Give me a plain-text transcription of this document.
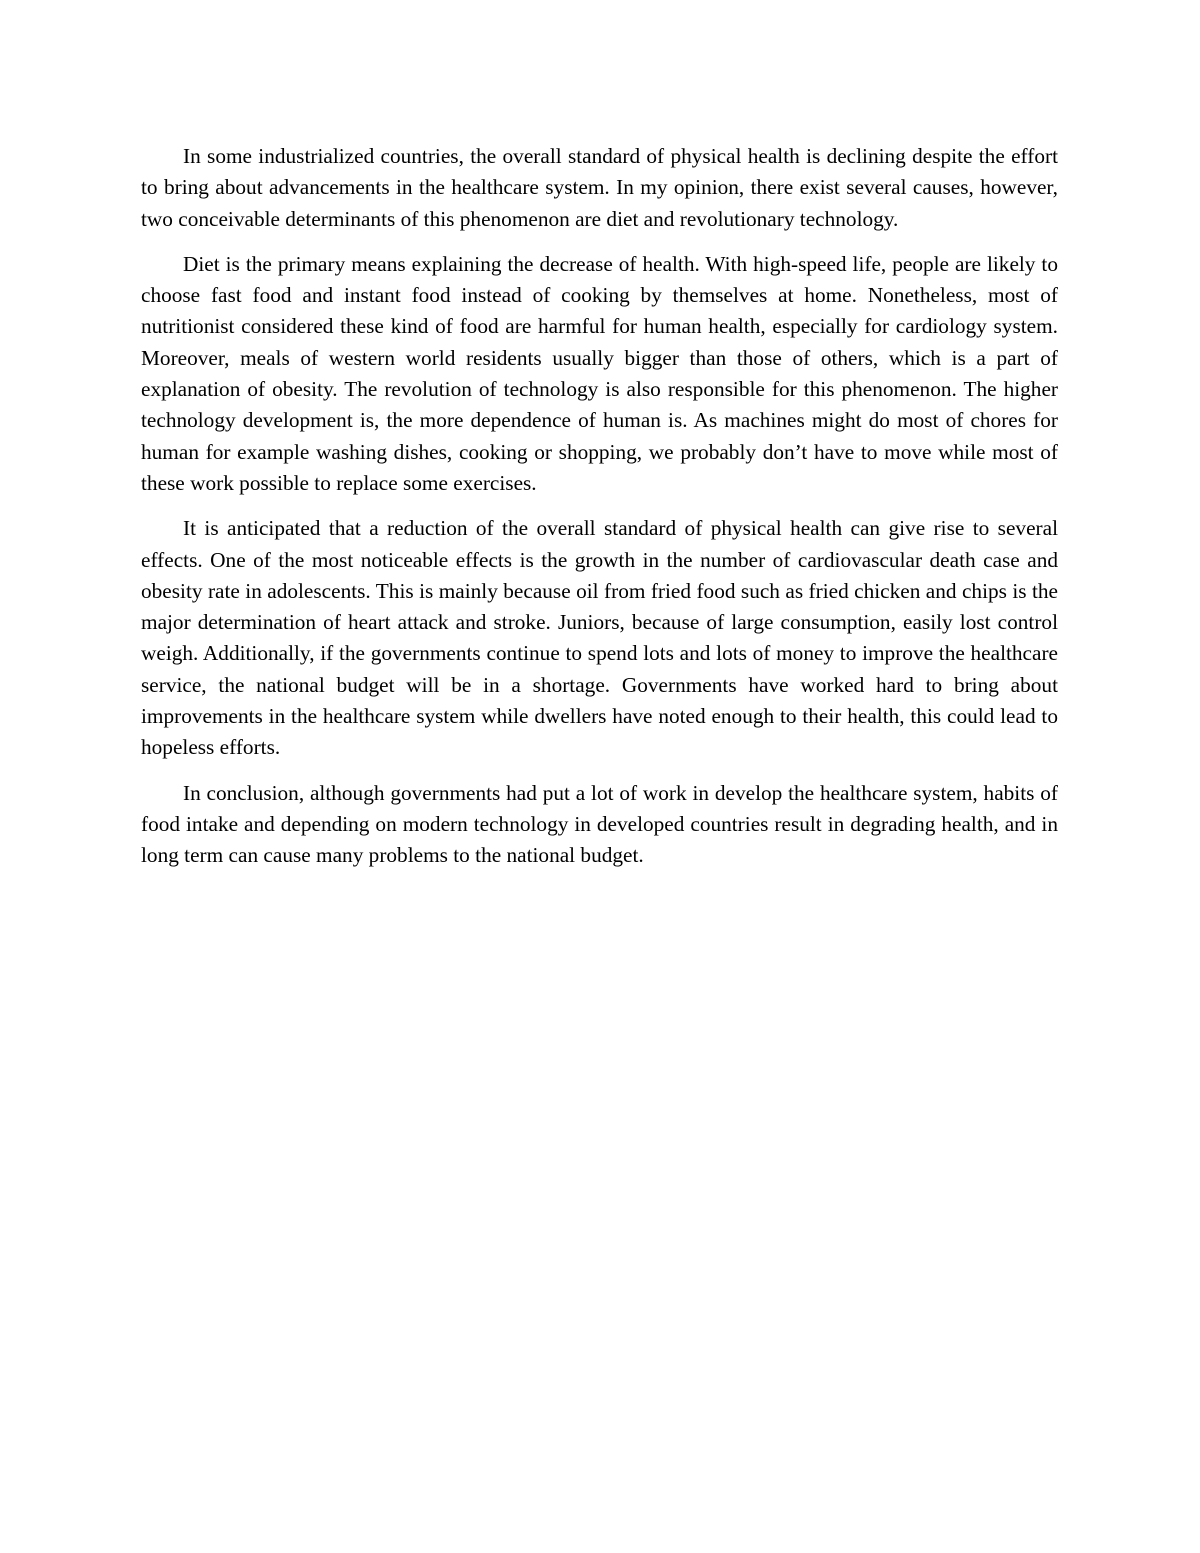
In some industrialized countries, the overall standard of physical health is declining despite the effort to bring about advancements in the healthcare system. In my opinion, there exist several causes, however, two conceivable determinants of this phenomenon are diet and revolutionary technology.

Diet is the primary means explaining the decrease of health. With high-speed life, people are likely to choose fast food and instant food instead of cooking by themselves at home. Nonetheless, most of nutritionist considered these kind of food are harmful for human health, especially for cardiology system. Moreover, meals of western world residents usually bigger than those of others, which is a part of explanation of obesity. The revolution of technology is also responsible for this phenomenon. The higher technology development is, the more dependence of human is. As machines might do most of chores for human for example washing dishes, cooking or shopping, we probably don’t have to move while most of these work possible to replace some exercises.

It is anticipated that a reduction of the overall standard of physical health can give rise to several effects. One of the most noticeable effects is the growth in the number of cardiovascular death case and obesity rate in adolescents. This is mainly because oil from fried food such as fried chicken and chips is the major determination of heart attack and stroke. Juniors, because of large consumption, easily lost control weigh. Additionally, if the governments continue to spend lots and lots of money to improve the healthcare service, the national budget will be in a shortage. Governments have worked hard to bring about improvements in the healthcare system while dwellers have noted enough to their health, this could lead to hopeless efforts.

In conclusion, although governments had put a lot of work in develop the healthcare system, habits of food intake and depending on modern technology in developed countries result in degrading health, and in long term can cause many problems to the national budget.
